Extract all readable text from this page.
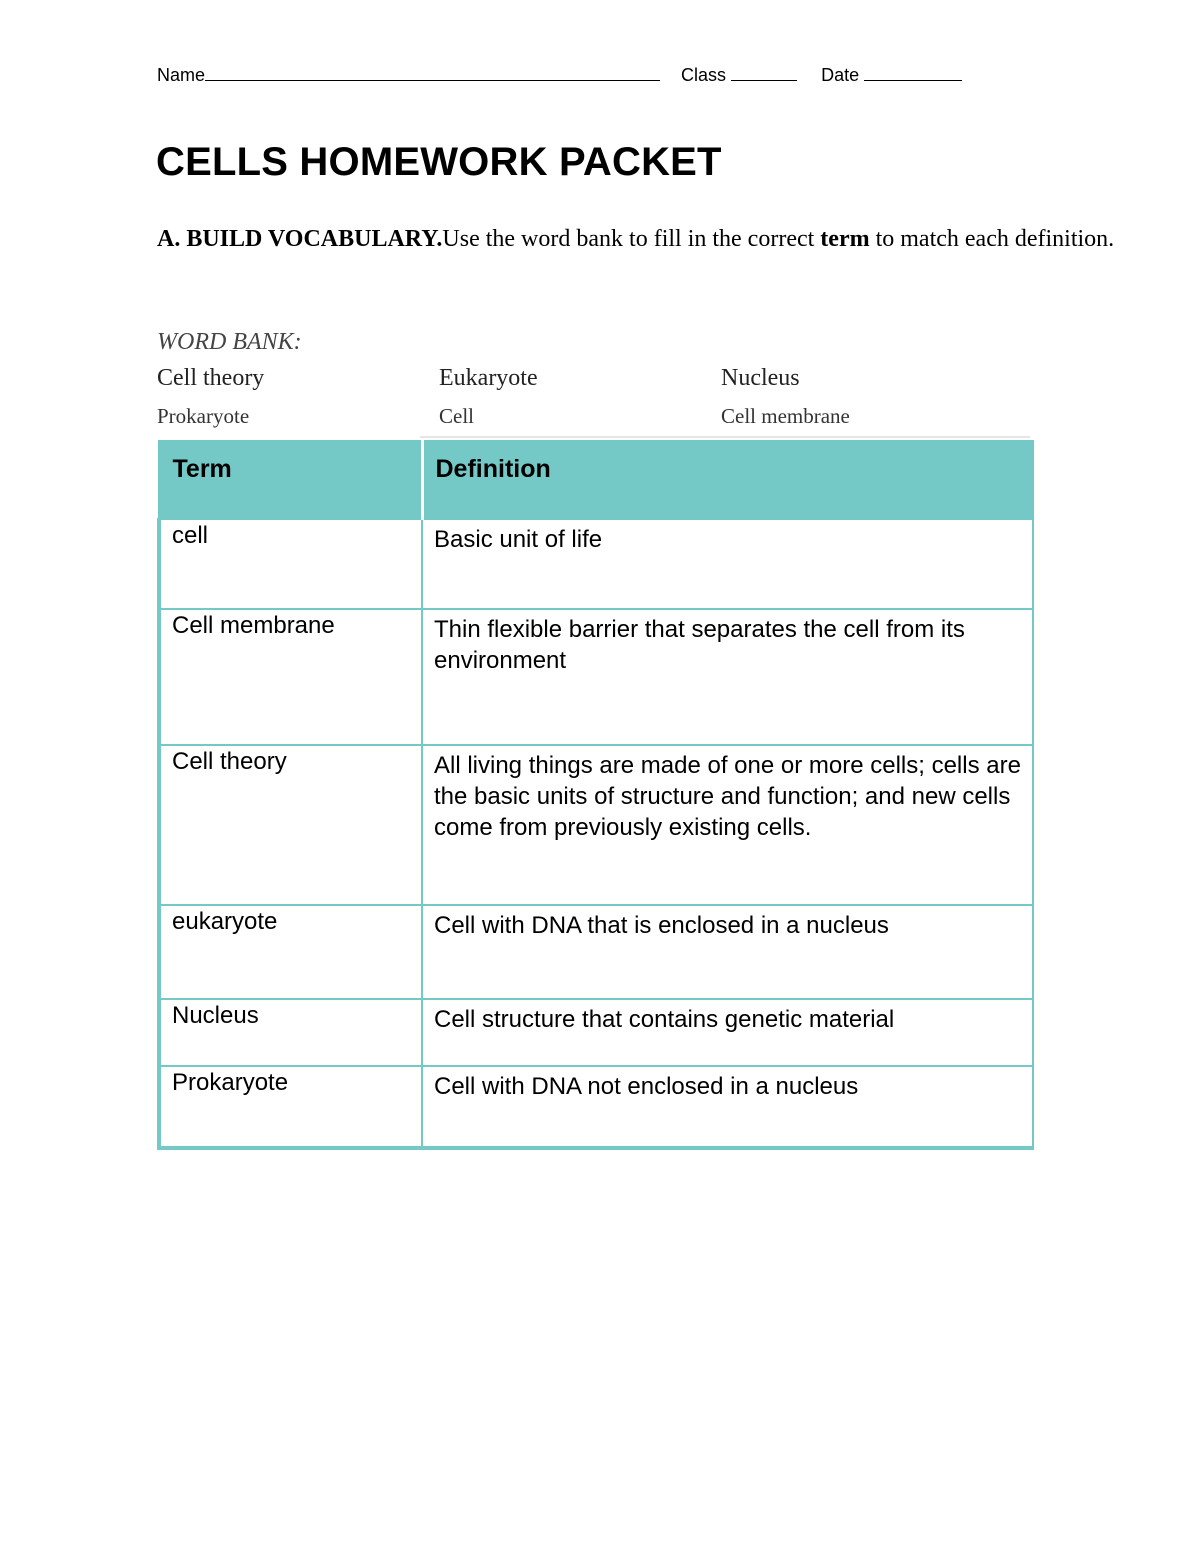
Name	Class	Date
CELLS HOMEWORK PACKET

A. BUILD VOCABULARY.Use the word bank to fill in the correct term to match each definition.

WORD BANK:
Cell theory	Eukaryote	Nucleus
Prokaryote	Cell	Cell membrane
Term	Definition
cell	Basic unit of life
Cell membrane	Thin flexible barrier that separates the cell from its environment
Cell theory	All living things are made of one or more cells; cells are the basic units of structure and function; and new cells come from previously existing cells.
eukaryote	Cell with DNA that is enclosed in a nucleus
Nucleus	Cell structure that contains genetic material
Prokaryote	Cell with DNA not enclosed in a nucleus
